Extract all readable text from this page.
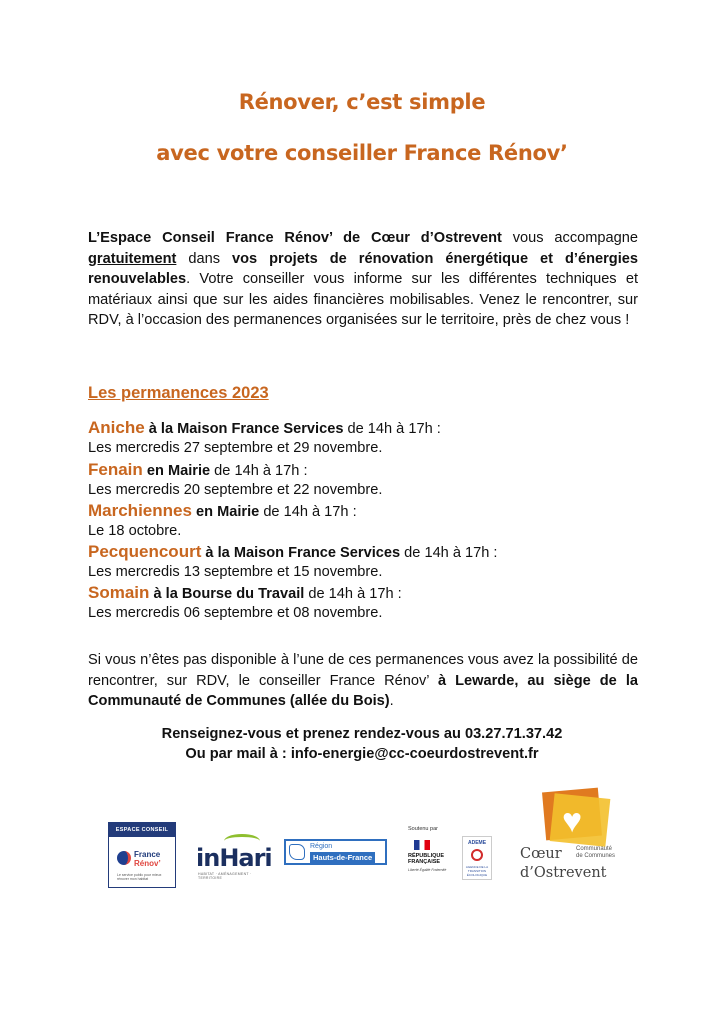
Rénover, c’est simple
avec votre conseiller France Rénov’

L’Espace Conseil France Rénov’ de Cœur d’Ostrevent vous accompagne gratuitement dans vos projets de rénovation énergétique et d’énergies renouvelables. Votre conseiller vous informe sur les différentes techniques et matériaux ainsi que sur les aides financières mobilisables. Venez le rencontrer, sur RDV, à l’occasion des permanences organisées sur le territoire, près de chez vous !

Les permanences 2023
Aniche à la Maison France Services de 14h à 17h :
Les mercredis 27 septembre et 29 novembre.
Fenain en Mairie de 14h à 17h :
Les mercredis 20 septembre et 22 novembre.
Marchiennes en Mairie de 14h à 17h :
Le 18 octobre.
Pecquencourt à la Maison France Services de 14h à 17h :
Les mercredis 13 septembre et 15 novembre.
Somain à la Bourse du Travail de 14h à 17h :
Les mercredis 06 septembre et 08 novembre.

Si vous n’êtes pas disponible à l’une de ces permanences vous avez la possibilité de rencontrer, sur RDV, le conseiller France Rénov’ à Lewarde, au siège de la Communauté de Communes (allée du Bois).

Renseignez-vous et prenez rendez-vous au 03.27.71.37.42
Ou par mail à : info-energie@cc-coeurdostrevent.fr
ESPACE CONSEIL
France
Rénov’
Le service public pour mieux rénover mon habitat
inHari
HABITAT · AMÉNAGEMENT · TERRITOIRE
Région
Hauts-de-France
Soutenu par
RÉPUBLIQUE
FRANÇAISE
Liberté Égalité Fraternité
ADEME
AGENCE DE LA TRANSITION ÉCOLOGIQUE
♥
Cœur
d’Ostrevent
Communauté de Communes
